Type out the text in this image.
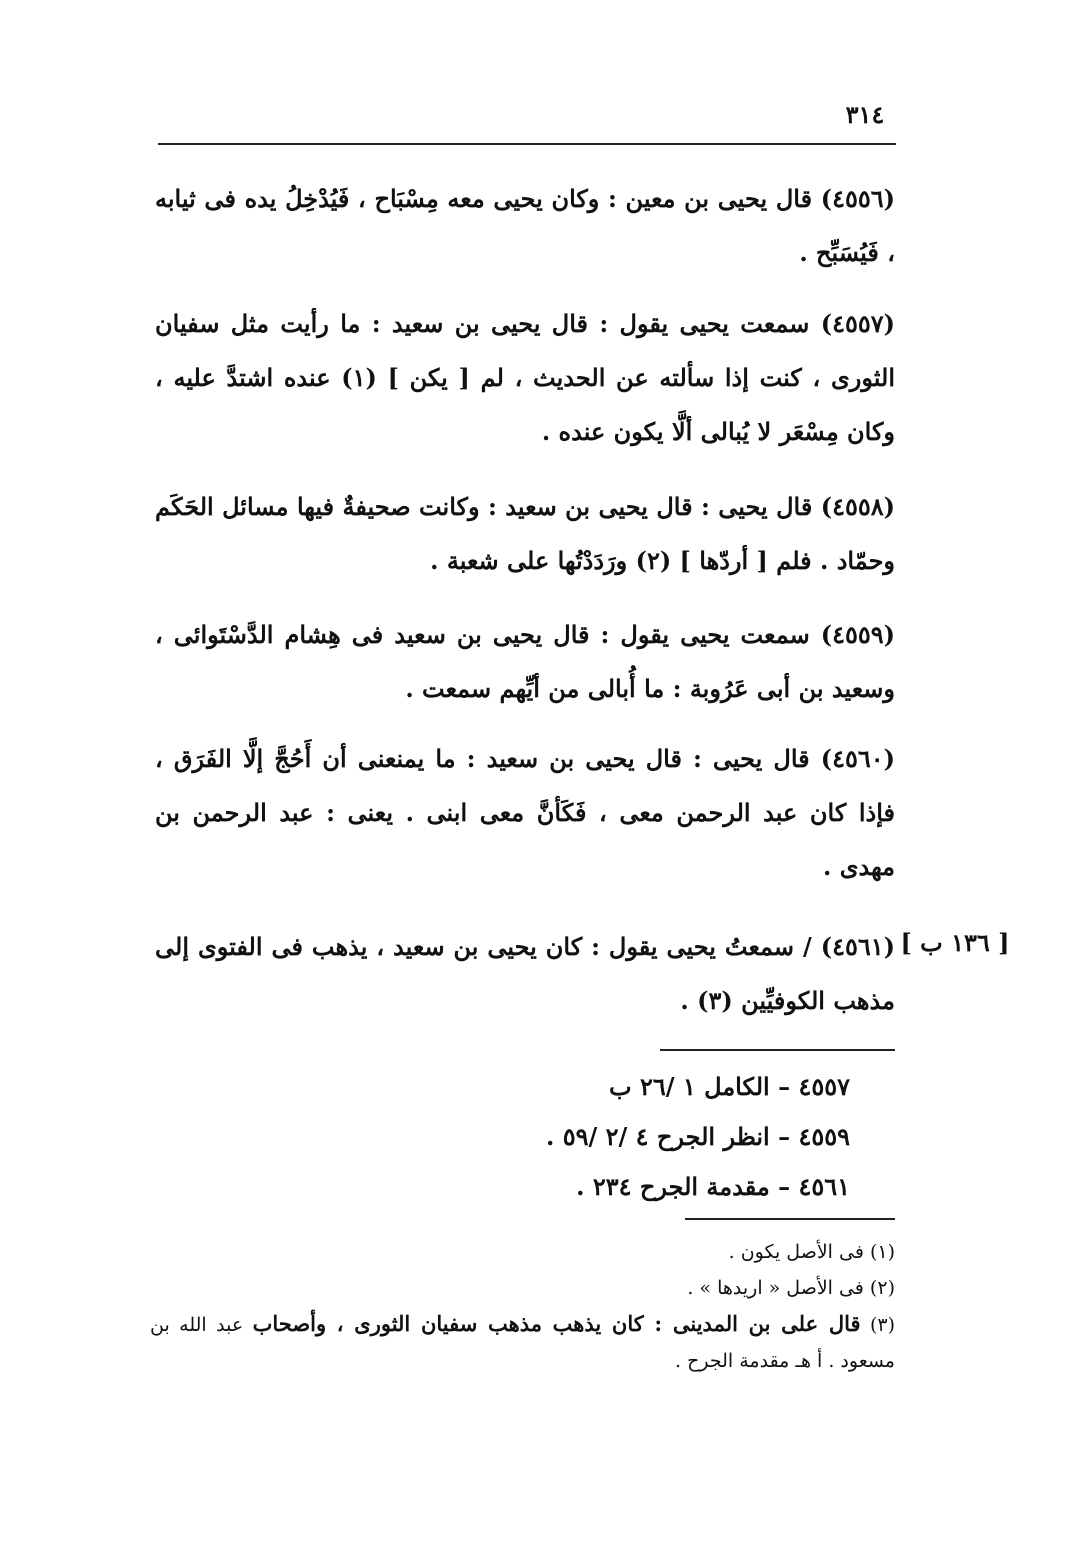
٣١٤

(٤٥٥٦) قال يحيى بن معين : وكان يحيى معه مِسْبَاح ، فَيُدْخِلُ يده فى ثيابه ، فَيُسَبِّح .

(٤٥٥٧) سمعت يحيى يقول : قال يحيى بن سعيد : ما رأيت مثل سفيان الثورى ، كنت إذا سألته عن الحديث ، لم [ يكن ] (١) عنده اشتدَّ عليه ، وكان مِسْعَر لا يُبالى ألَّا يكون عنده .

(٤٥٥٨) قال يحيى : قال يحيى بن سعيد : وكانت صحيفةٌ فيها مسائل الحَكَم وحمّاد . فلم [ أردّها ] (٢) ورَدَدْتُها على شعبة .

(٤٥٥٩) سمعت يحيى يقول : قال يحيى بن سعيد فى هِشام الدَّسْتَوائى ، وسعيد بن أبى عَرُوبة : ما أُبالى من أيِّهم سمعت .

(٤٥٦٠) قال يحيى : قال يحيى بن سعيد : ما يمنعنى أن أَحُجَّ إلَّا الفَرَق ، فإذا كان عبد الرحمن معى ، فَكَأنَّ معى ابنى . يعنى : عبد الرحمن بن مهدى .

[ ١٣٦ ب ]

(٤٥٦١) / سمعتُ يحيى يقول : كان يحيى بن سعيد ، يذهب فى الفتوى إلى مذهب الكوفيِّين (٣) .

٤٥٥٧ – الكامل ١ /٢٦ ب
٤٥٥٩ – انظر الجرح ٤ /٢ /٥٩ .
٤٥٦١ – مقدمة الجرح ٢٣٤ .
(١) فى الأصل يكون .
(٢) فى الأصل « اريدها » .
(٣) قال على بن المدينى : كان يذهب مذهب سفيان الثورى ، وأصحاب عبد الله بن مسعود . أ هـ مقدمة الجرح .
